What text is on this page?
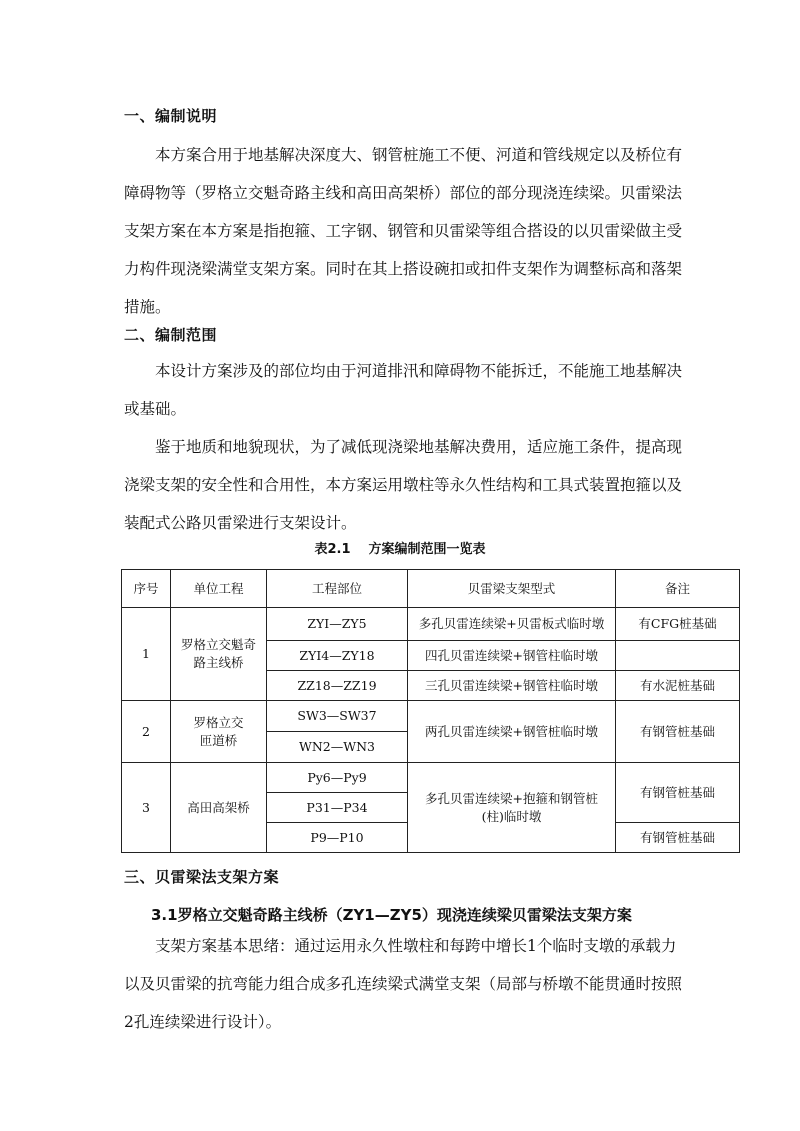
一、编制说明

本方案合用于地基解决深度大、钢管桩施工不便、河道和管线规定以及桥位有障碍物等（罗格立交魁奇路主线和高田高架桥）部位的部分现浇连续梁。贝雷梁法支架方案在本方案是指抱箍、工字钢、钢管和贝雷梁等组合搭设的以贝雷梁做主受力构件现浇梁满堂支架方案。同时在其上搭设碗扣或扣件支架作为调整标高和落架措施。

二、编制范围

本设计方案涉及的部位均由于河道排汛和障碍物不能拆迁，不能施工地基解决或基础。

鉴于地质和地貌现状，为了减低现浇梁地基解决费用，适应施工条件，提高现浇梁支架的安全性和合用性，本方案运用墩柱等永久性结构和工具式装置抱箍以及装配式公路贝雷梁进行支架设计。

表2.1 方案编制范围一览表
序号	单位工程	工程部位	贝雷梁支架型式	备注
1	罗格立交魁奇路主线桥	ZYI—ZY5	多孔贝雷连续梁+贝雷板式临时墩	有CFG桩基础
		ZYI4—ZY18	四孔贝雷连续梁+钢管柱临时墩	
		ZZ18—ZZ19	三孔贝雷连续梁+钢管柱临时墩	有水泥桩基础
2	罗格立交匝道桥	SW3—SW37	两孔贝雷连续梁+钢管桩临时墩	有钢管桩基础
		WN2—WN3		
3	高田高架桥	Py6—Py9	多孔贝雷连续梁+抱箍和钢管桩(柱)临时墩	有钢管桩基础
		P31—P34		
		P9—P10		有钢管桩基础
三、贝雷梁法支架方案
3.1罗格立交魁奇路主线桥（ZY1—ZY5）现浇连续梁贝雷梁法支架方案

支架方案基本思绪：通过运用永久性墩柱和每跨中增长1个临时支墩的承载力以及贝雷梁的抗弯能力组合成多孔连续梁式满堂支架（局部与桥墩不能贯通时按照2孔连续梁进行设计）。
